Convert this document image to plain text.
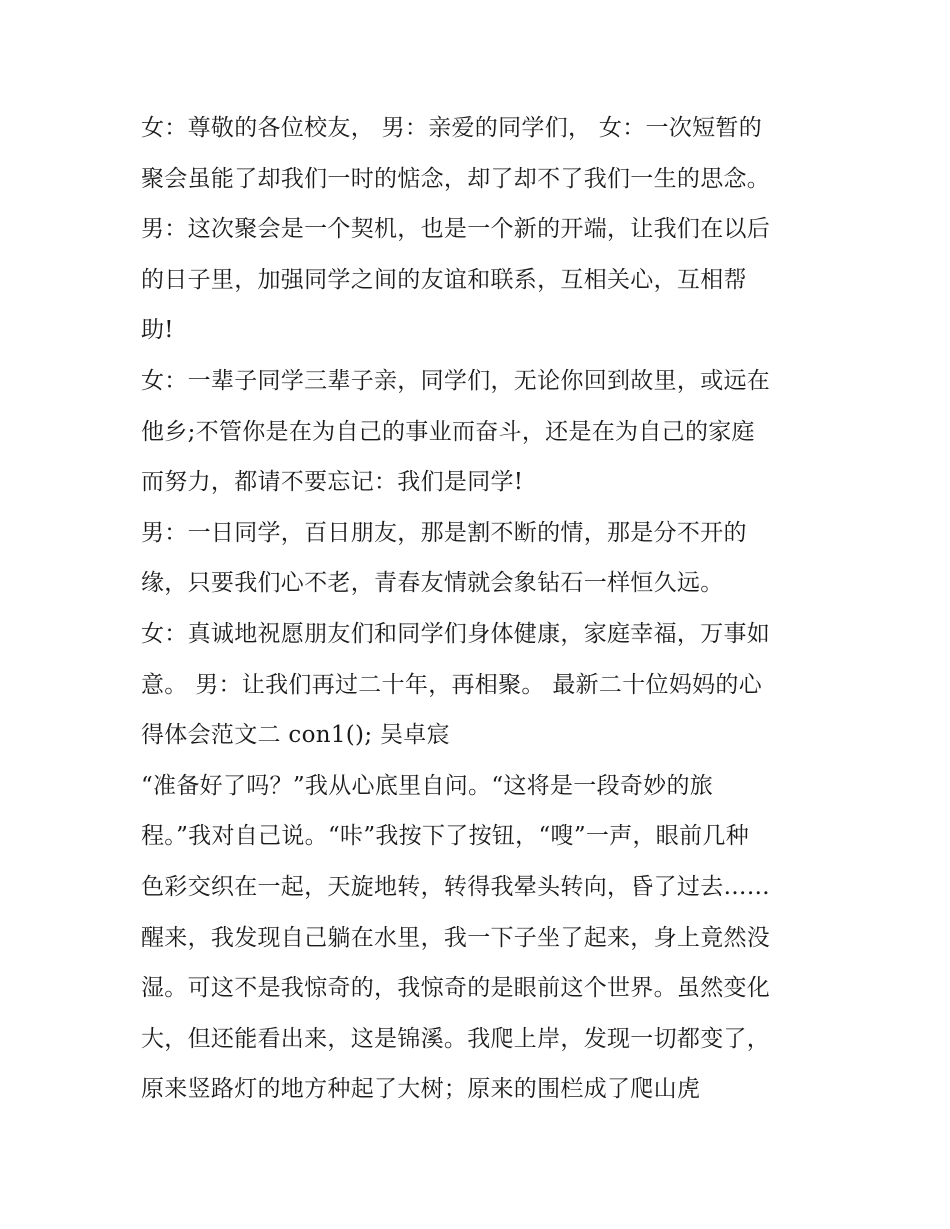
女：尊敬的各位校友， 男：亲爱的同学们， 女：一次短暂的
聚会虽能了却我们一时的惦念，却了却不了我们一生的思念。
男：这次聚会是一个契机，也是一个新的开端，让我们在以后
的日子里，加强同学之间的友谊和联系，互相关心，互相帮
助!
女：一辈子同学三辈子亲，同学们，无论你回到故里，或远在
他乡;不管你是在为自己的事业而奋斗，还是在为自己的家庭
而努力，都请不要忘记：我们是同学!
男：一日同学，百日朋友，那是割不断的情，那是分不开的
缘，只要我们心不老，青春友情就会象钻石一样恒久远。
女：真诚地祝愿朋友们和同学们身体健康，家庭幸福，万事如
意。 男：让我们再过二十年，再相聚。 最新二十位妈妈的心
得体会范文二 con1(); 吴卓宸
“准备好了吗？”我从心底里自问。“这将是一段奇妙的旅
程。”我对自己说。“咔”我按下了按钮，“嗖”一声，眼前几种
色彩交织在一起，天旋地转，转得我晕头转向，昏了过去……
醒来，我发现自己躺在水里，我一下子坐了起来，身上竟然没
湿。可这不是我惊奇的，我惊奇的是眼前这个世界。虽然变化
大，但还能看出来，这是锦溪。我爬上岸，发现一切都变了，
原来竖路灯的地方种起了大树；原来的围栏成了爬山虎
